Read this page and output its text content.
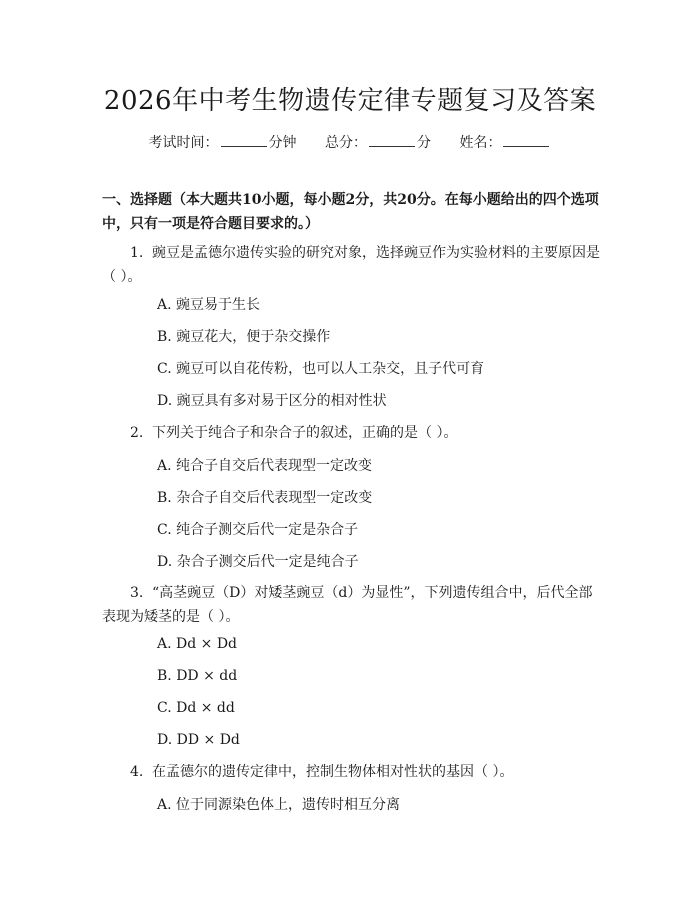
2026年中考生物遗传定律专题复习及答案
考试时间：	分钟 总分：	分 姓名：
一、选择题（本大题共10小题，每小题2分，共20分。在每小题给出的四个选项中，只有一项是符合题目要求的。）
1. 豌豆是孟德尔遗传实验的研究对象，选择豌豆作为实验材料的主要原因是（ ）。
A. 豌豆易于生长
B. 豌豆花大，便于杂交操作
C. 豌豆可以自花传粉，也可以人工杂交，且子代可育
D. 豌豆具有多对易于区分的相对性状
2. 下列关于纯合子和杂合子的叙述，正确的是（ ）。
A. 纯合子自交后代表现型一定改变
B. 杂合子自交后代表现型一定改变
C. 纯合子测交后代一定是杂合子
D. 杂合子测交后代一定是纯合子
3. “高茎豌豆（D）对矮茎豌豆（d）为显性”，下列遗传组合中，后代全部表现为矮茎的是（ ）。
A. Dd × Dd
B. DD × dd
C. Dd × dd
D. DD × Dd
4. 在孟德尔的遗传定律中，控制生物体相对性状的基因（ ）。
A. 位于同源染色体上，遗传时相互分离
